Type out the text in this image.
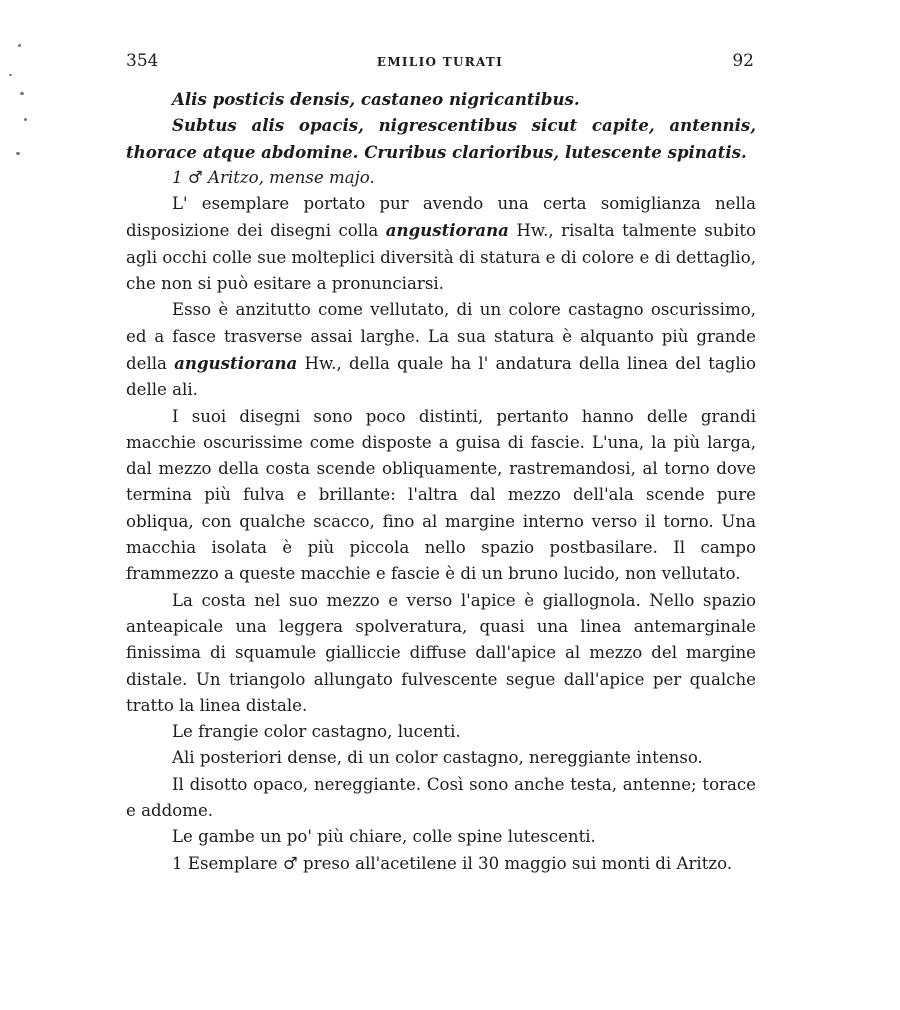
354	EMILIO TURATI	92

Alis posticis densis, castaneo nigricantibus.

Subtus alis opacis, nigrescentibus sicut capite, antennis, thorace atque abdomine. Cruribus clarioribus, lutescente spinatis.

1 ♂ Aritzo, mense majo.

L' esemplare portato pur avendo una certa somiglianza nella disposizione dei disegni colla angustiorana Hw., risalta talmente subito agli occhi colle sue molteplici diversità di statura e di colore e di dettaglio, che non si può esitare a pronunciarsi.

Esso è anzitutto come vellutato, di un colore castagno oscurissimo, ed a fasce trasverse assai larghe. La sua statura è alquanto più grande della angustiorana Hw., della quale ha l' andatura della linea del taglio delle ali.

I suoi disegni sono poco distinti, pertanto hanno delle grandi macchie oscurissime come disposte a guisa di fascie. L'una, la più larga, dal mezzo della costa scende obliquamente, rastremandosi, al torno dove termina più fulva e brillante: l'altra dal mezzo dell'ala scende pure obliqua, con qualche scacco, fino al margine interno verso il torno. Una macchia isolata è più piccola nello spazio postbasilare. Il campo frammezzo a queste macchie e fascie è di un bruno lucido, non vellutato.

La costa nel suo mezzo e verso l'apice è giallognola. Nello spazio anteapicale una leggera spolveratura, quasi una linea antemarginale finissima di squamule gialliccie diffuse dall'apice al mezzo del margine distale. Un triangolo allungato fulvescente segue dall'apice per qualche tratto la linea distale.

Le frangie color castagno, lucenti.

Ali posteriori dense, di un color castagno, nereggiante intenso.

Il disotto opaco, nereggiante. Così sono anche testa, antenne; torace e addome.

Le gambe un po' più chiare, colle spine lutescenti.

1 Esemplare ♂ preso all'acetilene il 30 maggio sui monti di Aritzo.
